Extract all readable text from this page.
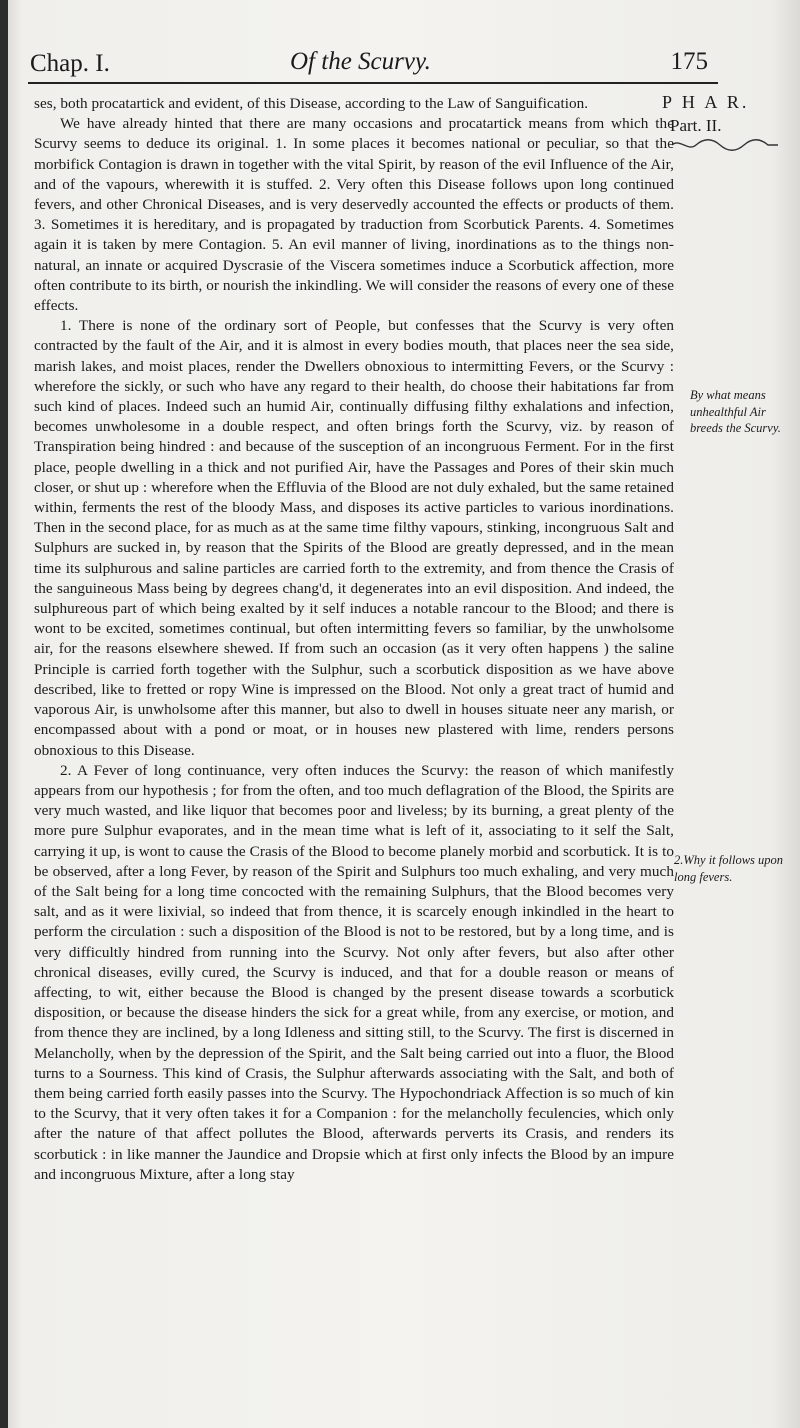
Chap. I.	Of the Scurvy.	175
P H A R.
Part. II.
By what means unhealthful Air breeds the Scurvy.
2.Why it follows upon long fevers.

ses, both procatartick and evident, of this Disease, according to the Law of Sanguification.

We have already hinted that there are many occasions and procatartick means from which the Scurvy seems to deduce its original. 1. In some places it becomes national or peculiar, so that the morbifick Contagion is drawn in together with the vital Spirit, by reason of the evil Influence of the Air, and of the vapours, wherewith it is stuffed. 2. Very often this Disease follows upon long continued fevers, and other Chronical Diseases, and is very deservedly accounted the effects or products of them. 3. Sometimes it is hereditary, and is propagated by traduction from Scorbutick Parents. 4. Sometimes again it is taken by mere Contagion. 5. An evil manner of living, inordinations as to the things non-natural, an innate or acquired Dyscrasie of the Viscera sometimes induce a Scorbutick affection, more often contribute to its birth, or nourish the inkindling. We will consider the reasons of every one of these effects.

1. There is none of the ordinary sort of People, but confesses that the Scurvy is very often contracted by the fault of the Air, and it is almost in every bodies mouth, that places neer the sea side, marish lakes, and moist places, render the Dwellers obnoxious to intermitting Fevers, or the Scurvy : wherefore the sickly, or such who have any regard to their health, do choose their habitations far from such kind of places. Indeed such an humid Air, continually diffusing filthy exhalations and infection, becomes unwholesome in a double respect, and often brings forth the Scurvy, viz. by reason of Transpiration being hindred : and because of the susception of an incongruous Ferment. For in the first place, people dwelling in a thick and not purified Air, have the Passages and Pores of their skin much closer, or shut up : wherefore when the Effluvia of the Blood are not duly exhaled, but the same retained within, ferments the rest of the bloody Mass, and disposes its active particles to various inordinations. Then in the second place, for as much as at the same time filthy vapours, stinking, incongruous Salt and Sulphurs are sucked in, by reason that the Spirits of the Blood are greatly depressed, and in the mean time its sulphurous and saline particles are carried forth to the extremity, and from thence the Crasis of the sanguineous Mass being by degrees chang'd, it degenerates into an evil disposition. And indeed, the sulphureous part of which being exalted by it self induces a notable rancour to the Blood; and there is wont to be excited, sometimes continual, but often intermitting fevers so familiar, by the unwholsome air, for the reasons elsewhere shewed. If from such an occasion (as it very often happens ) the saline Principle is carried forth together with the Sulphur, such a scorbutick disposition as we have above described, like to fretted or ropy Wine is impressed on the Blood. Not only a great tract of humid and vaporous Air, is unwholsome after this manner, but also to dwell in houses situate neer any marish, or encompassed about with a pond or moat, or in houses new plastered with lime, renders persons obnoxious to this Disease.

2. A Fever of long continuance, very often induces the Scurvy: the reason of which manifestly appears from our hypothesis ; for from the often, and too much deflagration of the Blood, the Spirits are very much wasted, and like liquor that becomes poor and liveless; by its burning, a great plenty of the more pure Sulphur evaporates, and in the mean time what is left of it, associating to it self the Salt, carrying it up, is wont to cause the Crasis of the Blood to become planely morbid and scorbutick. It is to be observed, after a long Fever, by reason of the Spirit and Sulphurs too much exhaling, and very much of the Salt being for a long time concocted with the remaining Sulphurs, that the Blood becomes very salt, and as it were lixivial, so indeed that from thence, it is scarcely enough inkindled in the heart to perform the circulation : such a disposition of the Blood is not to be restored, but by a long time, and is very difficultly hindred from running into the Scurvy. Not only after fevers, but also after other chronical diseases, evilly cured, the Scurvy is induced, and that for a double reason or means of affecting, to wit, either because the Blood is changed by the present disease towards a scorbutick disposition, or because the disease hinders the sick for a great while, from any exercise, or motion, and from thence they are inclined, by a long Idleness and sitting still, to the Scurvy. The first is discerned in Melancholly, when by the depression of the Spirit, and the Salt being carried out into a fluor, the Blood turns to a Sourness. This kind of Crasis, the Sulphur afterwards associating with the Salt, and both of them being carried forth easily passes into the Scurvy. The Hypochondriack Affection is so much of kin to the Scurvy, that it very often takes it for a Companion : for the melancholly feculencies, which only after the nature of that affect pollutes the Blood, afterwards perverts its Crasis, and renders its scorbutick : in like manner the Jaundice and Dropsie which at first only infects the Blood by an impure and incongruous Mixture, after a long stay
